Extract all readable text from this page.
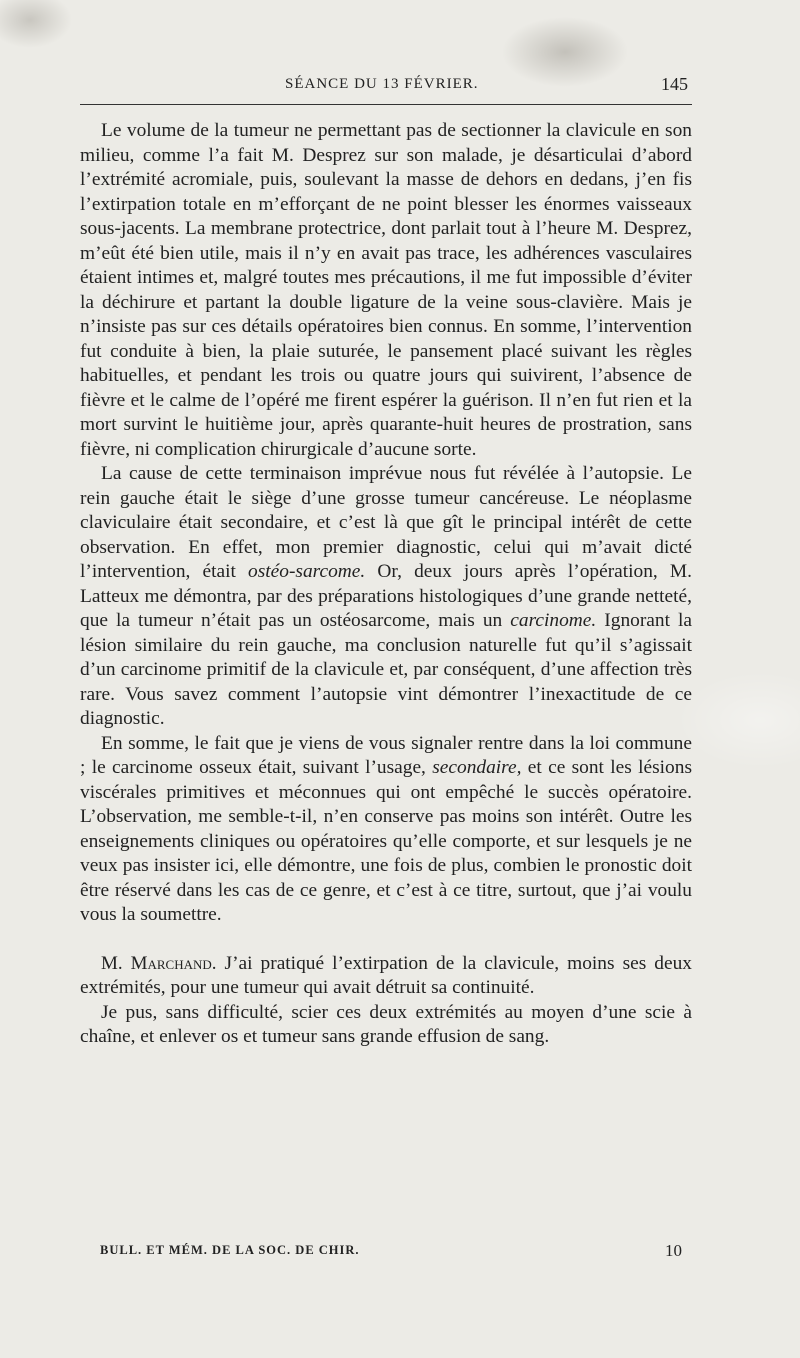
SÉANCE DU 13 FÉVRIER.	145

Le volume de la tumeur ne permettant pas de sectionner la clavicule en son milieu, comme l’a fait M. Desprez sur son malade, je désarticulai d’abord l’extrémité acromiale, puis, soulevant la masse de dehors en dedans, j’en fis l’extirpation totale en m’efforçant de ne point blesser les énormes vaisseaux sous-jacents. La membrane protectrice, dont parlait tout à l’heure M. Desprez, m’eût été bien utile, mais il n’y en avait pas trace, les adhérences vasculaires étaient intimes et, malgré toutes mes précautions, il me fut impossible d’éviter la déchirure et partant la double ligature de la veine sous-clavière. Mais je n’insiste pas sur ces détails opératoires bien connus. En somme, l’intervention fut conduite à bien, la plaie suturée, le pansement placé suivant les règles habituelles, et pendant les trois ou quatre jours qui suivirent, l’absence de fièvre et le calme de l’opéré me firent espérer la guérison. Il n’en fut rien et la mort survint le huitième jour, après quarante-huit heures de prostration, sans fièvre, ni complication chirurgicale d’aucune sorte.

La cause de cette terminaison imprévue nous fut révélée à l’autopsie. Le rein gauche était le siège d’une grosse tumeur cancéreuse. Le néoplasme claviculaire était secondaire, et c’est là que gît le principal intérêt de cette observation. En effet, mon premier diagnostic, celui qui m’avait dicté l’intervention, était ostéo-sarcome. Or, deux jours après l’opération, M. Latteux me démontra, par des préparations histologiques d’une grande netteté, que la tumeur n’était pas un ostéosarcome, mais un carcinome. Ignorant la lésion similaire du rein gauche, ma conclusion naturelle fut qu’il s’agissait d’un carcinome primitif de la clavicule et, par conséquent, d’une affection très rare. Vous savez comment l’autopsie vint démontrer l’inexactitude de ce diagnostic.

En somme, le fait que je viens de vous signaler rentre dans la loi commune ; le carcinome osseux était, suivant l’usage, secondaire, et ce sont les lésions viscérales primitives et méconnues qui ont empêché le succès opératoire. L’observation, me semble-t-il, n’en conserve pas moins son intérêt. Outre les enseignements cliniques ou opératoires qu’elle comporte, et sur lesquels je ne veux pas insister ici, elle démontre, une fois de plus, combien le pronostic doit être réservé dans les cas de ce genre, et c’est à ce titre, surtout, que j’ai voulu vous la soumettre.

M. Marchand. J’ai pratiqué l’extirpation de la clavicule, moins ses deux extrémités, pour une tumeur qui avait détruit sa continuité.

Je pus, sans difficulté, scier ces deux extrémités au moyen d’une scie à chaîne, et enlever os et tumeur sans grande effusion de sang.

BULL. ET MÉM. DE LA SOC. DE CHIR.	10
